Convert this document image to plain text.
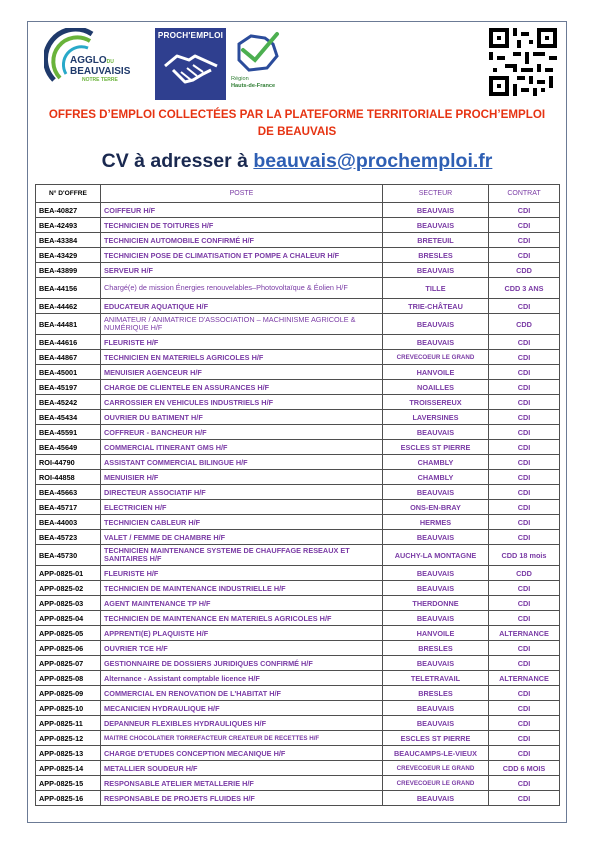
AGGLODU
BEAUVAISIS
NOTRE TERRE
PROCH'EMPLOI
Région
Hauts-de-France
OFFRES D’EMPLOI COLLECTÉES PAR LA PLATEFORME TERRITORIALE PROCH’EMPLOI DE BEAUVAIS
CV à adresser à beauvais@prochemploi.fr
N° D'OFFRE	POSTE	SECTEUR	CONTRAT
BEA-40827	COIFFEUR H/F	BEAUVAIS	CDI
BEA-42493	TECHNICIEN DE TOITURES H/F	BEAUVAIS	CDI
BEA-43384	TECHNICIEN AUTOMOBILE CONFIRMÉ H/F	BRETEUIL	CDI
BEA-43429	TECHNICIEN POSE DE CLIMATISATION ET POMPE A CHALEUR H/F	BRESLES	CDI
BEA-43899	SERVEUR H/F	BEAUVAIS	CDD
BEA-44156	Chargé(e) de mission Énergies renouvelables–Photovoltaïque & Éolien H/F	TILLE	CDD 3 ANS
BEA-44462	EDUCATEUR AQUATIQUE H/F	TRIE-CHÂTEAU	CDI
BEA-44481	ANIMATEUR / ANIMATRICE D'ASSOCIATION – MACHINISME AGRICOLE & NUMÉRIQUE H/F	BEAUVAIS	CDD
BEA-44616	FLEURISTE H/F	BEAUVAIS	CDI
BEA-44867	TECHNICIEN EN MATERIELS AGRICOLES H/F	CREVECOEUR LE GRAND	CDI
BEA-45001	MENUISIER AGENCEUR H/F	HANVOILE	CDI
BEA-45197	CHARGE DE CLIENTELE EN ASSURANCES H/F	NOAILLES	CDI
BEA-45242	CARROSSIER EN VEHICULES INDUSTRIELS H/F	TROISSEREUX	CDI
BEA-45434	OUVRIER DU BATIMENT H/F	LAVERSINES	CDI
BEA-45591	COFFREUR - BANCHEUR H/F	BEAUVAIS	CDI
BEA-45649	COMMERCIAL ITINERANT GMS H/F	ESCLES ST PIERRE	CDI
ROI-44790	ASSISTANT COMMERCIAL BILINGUE H/F	CHAMBLY	CDI
ROI-44858	MENUISIER H/F	CHAMBLY	CDI
BEA-45663	DIRECTEUR ASSOCIATIF H/F	BEAUVAIS	CDI
BEA-45717	ELECTRICIEN H/F	ONS-EN-BRAY	CDI
BEA-44003	TECHNICIEN CABLEUR H/F	HERMES	CDI
BEA-45723	VALET / FEMME DE CHAMBRE H/F	BEAUVAIS	CDI
BEA-45730	TECHNICIEN MAINTENANCE SYSTEME DE CHAUFFAGE RESEAUX ET SANITAIRES H/F	AUCHY-LA MONTAGNE	CDD 18 mois
APP-0825-01	FLEURISTE H/F	BEAUVAIS	CDD
APP-0825-02	TECHNICIEN DE MAINTENANCE INDUSTRIELLE H/F	BEAUVAIS	CDI
APP-0825-03	AGENT MAINTENANCE TP H/F	THERDONNE	CDI
APP-0825-04	TECHNICIEN DE MAINTENANCE EN MATERIELS AGRICOLES H/F	BEAUVAIS	CDI
APP-0825-05	APPRENTI(E) PLAQUISTE H/F	HANVOILE	ALTERNANCE
APP-0825-06	OUVRIER TCE H/F	BRESLES	CDI
APP-0825-07	GESTIONNAIRE DE DOSSIERS JURIDIQUES CONFIRMÉ H/F	BEAUVAIS	CDI
APP-0825-08	Alternance - Assistant comptable licence H/F	TELETRAVAIL	ALTERNANCE
APP-0825-09	COMMERCIAL EN RENOVATION DE L'HABITAT H/F	BRESLES	CDI
APP-0825-10	MECANICIEN HYDRAULIQUE H/F	BEAUVAIS	CDI
APP-0825-11	DEPANNEUR FLEXIBLES HYDRAULIQUES H/F	BEAUVAIS	CDI
APP-0825-12	MAITRE CHOCOLATIER TORREFACTEUR CREATEUR DE RECETTES H/F	ESCLES ST PIERRE	CDI
APP-0825-13	CHARGE D'ETUDES CONCEPTION MECANIQUE H/F	BEAUCAMPS-LE-VIEUX	CDI
APP-0825-14	METALLIER SOUDEUR H/F	CREVECOEUR LE GRAND	CDD 6 MOIS
APP-0825-15	RESPONSABLE ATELIER METALLERIE H/F	CREVECOEUR LE GRAND	CDI
APP-0825-16	RESPONSABLE DE PROJETS FLUIDES H/F	BEAUVAIS	CDI
